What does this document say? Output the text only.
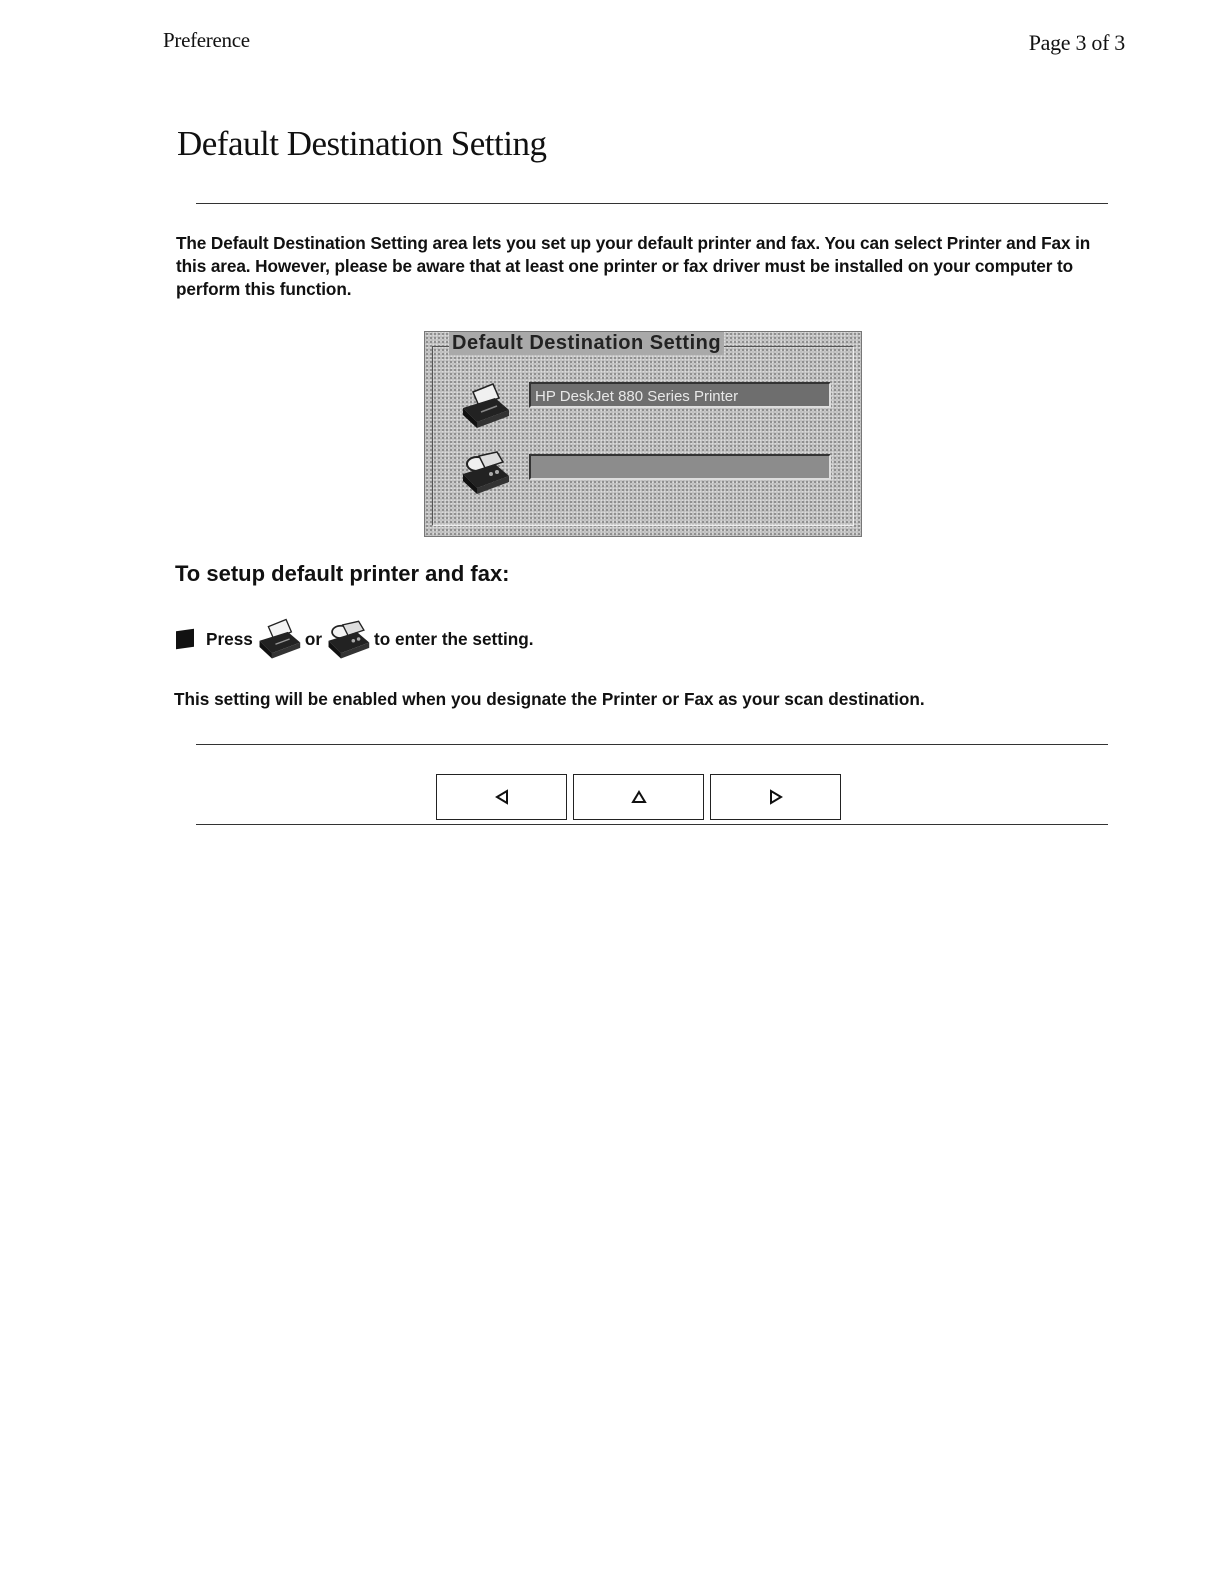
Preference	Page 3 of 3
Default Destination Setting

The Default Destination Setting area lets you set up your default printer and fax. You can select Printer and Fax in this area. However, please be aware that at least one printer or fax driver must be installed on your computer to perform this function.

Default Destination Setting
HP DeskJet 880 Series Printer
To setup default printer and fax:
Press	or	to enter the setting.

This setting will be enabled when you designate the Printer or Fax as your scan destination.
